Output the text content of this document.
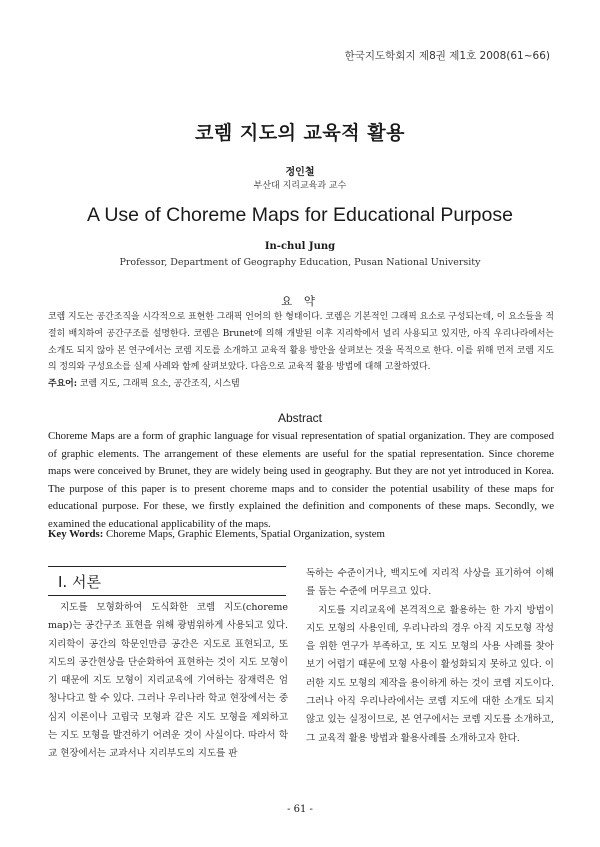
한국지도학회지 제8권 제1호 2008(61~66)
코렘 지도의 교육적 활용
정인철
부산대 지리교육과 교수
A Use of Choreme Maps for Educational Purpose
In-chul Jung
Professor, Department of Geography Education, Pusan National University
요 약
코렘 지도는 공간조직을 시각적으로 표현한 그래픽 언어의 한 형태이다. 코렘은 기본적인 그래픽 요소로 구성되는데, 이 요소들을 적절히 배치하여 공간구조를 설명한다. 코렘은 Brunet에 의해 개발된 이후 지리학에서 널리 사용되고 있지만, 아직 우리나라에서는 소개도 되지 않아 본 연구에서는 코렘 지도를 소개하고 교육적 활용 방안을 살펴보는 것을 목적으로 한다. 이를 위해 먼저 코렘 지도의 정의와 구성요소를 실제 사례와 함께 살펴보았다. 다음으로 교육적 활용 방법에 대해 고찰하였다.
주요어: 코렘 지도, 그래픽 요소, 공간조직, 시스템
Abstract
Choreme Maps are a form of graphic language for visual representation of spatial organization. They are composed of graphic elements. The arrangement of these elements are useful for the spatial representation. Since choreme maps were conceived by Brunet, they are widely being used in geography. But they are not yet introduced in Korea. The purpose of this paper is to present choreme maps and to consider the potential usability of these maps for educational purpose. For these, we firstly explained the definition and components of these maps. Secondly, we examined the educational applicability of the maps.
Key Words: Choreme Maps, Graphic Elements, Spatial Organization, system
I. 서론

지도를 모형화하여 도식화한 코렘 지도(choreme map)는 공간구조 표현을 위해 광범위하게 사용되고 있다. 지리학이 공간의 학문인만큼 공간은 지도로 표현되고, 또 지도의 공간현상을 단순화하여 표현하는 것이 지도 모형이기 때문에 지도 모형이 지리교육에 기여하는 잠재력은 엄청나다고 할 수 있다. 그러나 우리나라 학교 현장에서는 중심지 이론이나 고립국 모형과 같은 지도 모형을 제외하고는 지도 모형을 발견하기 어려운 것이 사실이다. 따라서 학교 현장에서는 교과서나 지리부도의 지도를 판

독하는 수준이거나, 백지도에 지리적 사상을 표기하여 이해를 돕는 수준에 머무르고 있다.

지도를 지리교육에 본격적으로 활용하는 한 가지 방법이 지도 모형의 사용인데, 우리나라의 경우 아직 지도모형 작성을 위한 연구가 부족하고, 또 지도 모형의 사용 사례를 찾아 보기 어렵기 때문에 모형 사용이 활성화되지 못하고 있다. 이러한 지도 모형의 제작을 용이하게 하는 것이 코렘 지도이다. 그러나 아직 우리나라에서는 코렘 지도에 대한 소개도 되지 않고 있는 실정이므로, 본 연구에서는 코렘 지도를 소개하고, 그 교육적 활용 방법과 활용사례를 소개하고자 한다.

- 61 -
